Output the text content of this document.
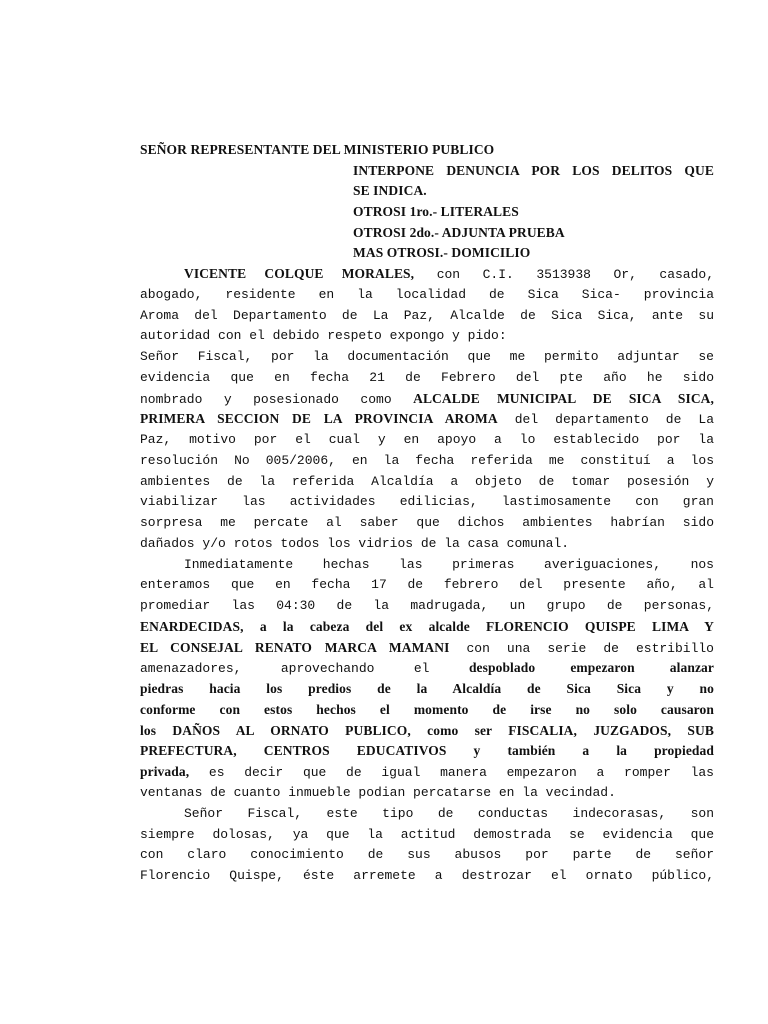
SEÑOR REPRESENTANTE DEL MINISTERIO PUBLICO
INTERPONE DENUNCIA POR LOS DELITOS QUE
SE INDICA.
OTROSI 1ro.- LITERALES
OTROSI 2do.- ADJUNTA PRUEBA
MAS OTROSI.- DOMICILIO
VICENTE COLQUE MORALES, con C.I. 3513938 Or, casado,
abogado, residente en la localidad de Sica Sica- provincia
Aroma del Departamento de La Paz, Alcalde de Sica Sica, ante su
autoridad con el debido respeto expongo y pido:
Señor Fiscal, por la documentación que me permito adjuntar se
evidencia que en fecha 21 de Febrero del pte año he sido
nombrado y posesionado como ALCALDE MUNICIPAL DE SICA SICA,
PRIMERA SECCION DE LA PROVINCIA AROMA del departamento de La
Paz, motivo por el cual y en apoyo a lo establecido por la
resolución No 005/2006, en la fecha referida me constituí a los
ambientes de la referida Alcaldía a objeto de tomar posesión y
viabilizar las actividades edilicias, lastimosamente con gran
sorpresa me percate al saber que dichos ambientes habrían sido
dañados y/o rotos todos los vidrios de la casa comunal.
Inmediatamente hechas las primeras averiguaciones, nos
enteramos que en fecha 17 de febrero del presente año, al
promediar las 04:30 de la madrugada, un grupo de personas,
ENARDECIDAS, a la cabeza del ex alcalde FLORENCIO QUISPE LIMA Y
EL CONSEJAL RENATO MARCA MAMANI con una serie de estribillo
amenazadores, aprovechando el	despoblado empezaron alanzar
piedras hacia los predios de la Alcaldía de Sica Sica y no
conforme con estos hechos el momento de irse no solo causaron
los DAÑOS AL ORNATO PUBLICO, como ser FISCALIA, JUZGADOS, SUB
PREFECTURA, CENTROS EDUCATIVOS y también a la propiedad
privada, es decir que de igual manera empezaron a romper las
ventanas de cuanto inmueble podian percatarse en la vecindad.
Señor Fiscal, este tipo de conductas indecorasas, son
siempre dolosas, ya que la actitud demostrada se evidencia que
con claro conocimiento de sus abusos por parte de señor
Florencio Quispe, éste arremete a destrozar el ornato público,
